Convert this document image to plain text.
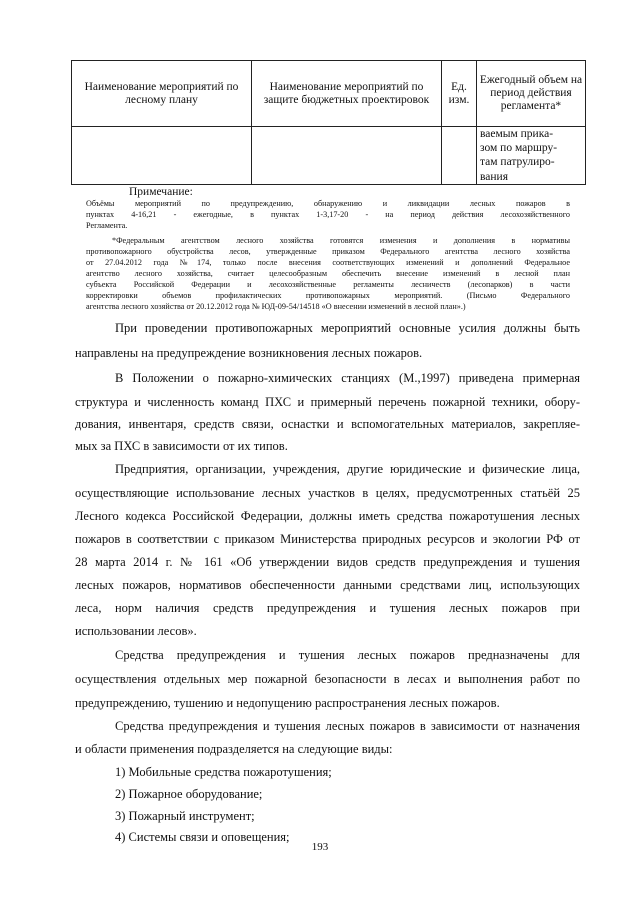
Наименование мероприятий по лесному плану	Наименование мероприятий по защите бюджетных проектировок	Ед. изм.	Ежегодный объем на период действия регламента*

			ваемым прика-
зом по маршру-
там патрулиро-
вания
Примечание:
Объёмы мероприятий по предупреждению, обнаружению и ликвидации лесных пожаров в
пунктах 4-16,21 - ежегодные, в пунктах 1-3,17-20 - на период действия лесохозяйственного
Регламента.
*Федеральным агентством лесного хозяйства готовятся изменения и дополнения в нормативы
противопожарного обустройства лесов, утвержденные приказом Федерального агентства лесного хозяйства
от 27.04.2012 года №174, только после внесения соответствующих изменений и дополнений Федеральное
агентство лесного хозяйства, считает целесообразным обеспечить внесение изменений в лесной план
субъекта Российской Федерации и лесохозяйственные регламенты лесничеств (лесопарков) в части
корректировки объемов профилактических противопожарных мероприятий. (Письмо Федерального
агентства лесного хозяйства от 20.12.2012 года № ЮД-09-54/14518 «О внесении изменений в лесной план».)
При проведении противопожарных мероприятий основные усилия должны быть
направлены на предупреждение возникновения лесных пожаров.
В Положении о пожарно-химических станциях (М.,1997) приведена примерная
структура и численность команд ПХС и примерный перечень пожарной техники, обору-
дования, инвентаря, средств связи, оснастки и вспомогательных материалов, закрепляе-
мых за ПХС в зависимости от их типов.
Предприятия, организации, учреждения, другие юридические и физические лица,
осуществляющие использование лесных участков в целях, предусмотренных статьёй 25
Лесного кодекса Российской Федерации, должны иметь средства пожаротушения лесных
пожаров в соответствии с приказом Министерства природных ресурсов и экологии РФ от
28 марта 2014 г. № 161 «Об утверждении видов средств предупреждения и тушения
лесных пожаров, нормативов обеспеченности данными средствами лиц, использующих
леса, норм наличия средств предупреждения и тушения лесных пожаров при
использовании лесов».
Средства предупреждения и тушения лесных пожаров предназначены для
осуществления отдельных мер пожарной безопасности в лесах и выполнения работ по
предупреждению, тушению и недопущению распространения лесных пожаров.
Средства предупреждения и тушения лесных пожаров в зависимости от назначения
и области применения подразделяется на следующие виды:
1) Мобильные средства пожаротушения;
2) Пожарное оборудование;
3) Пожарный инструмент;
4) Системы связи и оповещения;
193
